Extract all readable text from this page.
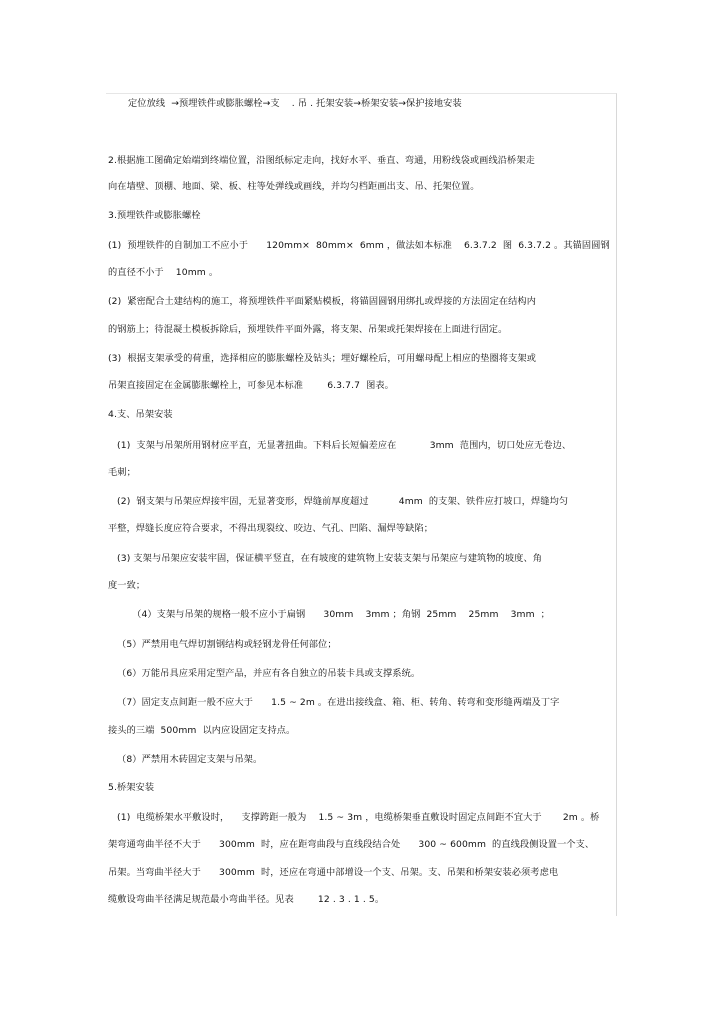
定位放线  →预埋铁件或膨胀螺栓→支    . 吊 . 托架安装→桥架安装→保护接地安装
2.根据施工图确定始端到终端位置，沿图纸标定走向，找好水平、垂直、弯通，用粉线袋或画线沿桥架走
向在墙壁、顶棚、地面、梁、板、柱等处弹线或画线，并均匀档距画出支、吊、托架位置。
3.预埋铁件或膨胀螺栓
(1)  预埋铁件的自制加工不应小于      120mm×  80mm×  6mm ，做法如本标准    6.3.7.2  图  6.3.7.2 。其锚固圆钢
的直径不小于    10mm 。
(2)  紧密配合土建结构的施工，将预埋铁件平面紧贴模板，将锚固圆钢用绑扎或焊接的方法固定在结构内
的钢筋上；待混凝土模板拆除后，预埋铁件平面外露，将支架、吊架或托架焊接在上面进行固定。
(3)  根据支架承受的荷重，选择相应的膨胀螺栓及钻头；埋好螺栓后，可用螺母配上相应的垫圈将支架或
吊架直接固定在金属膨胀螺栓上，可参见本标准        6.3.7.7  图表。
4.支、吊架安装
(1)  支架与吊架所用钢材应平直，无显著扭曲。下料后长短偏差应在           3mm  范围内，切口处应无卷边、
毛刺；
(2)  钢支架与吊架应焊接牢固，无显著变形，焊缝前厚度超过          4mm  的支架、铁件应打坡口，焊缝均匀
平整，焊缝长度应符合要求，不得出现裂纹、咬边、气孔、凹陷、漏焊等缺陷；
(3) 支架与吊架应安装牢固，保证横平竖直，在有坡度的建筑物上安装支架与吊架应与建筑物的坡度、角
度一致；
（4）支架与吊架的规格一般不应小于扁钢      30mm    3mm ；角钢  25mm    25mm    3mm  ；
（5）严禁用电气焊切割钢结构或轻钢龙骨任何部位；
（6）万能吊具应采用定型产品，并应有各自独立的吊装卡具或支撑系统。
（7）固定支点间距一般不应大于      1.5 ~ 2m 。在进出接线盒、箱、柜、转角、转弯和变形缝两端及丁字
接头的三端  500mm  以内应设固定支持点。
（8）严禁用木砖固定支架与吊架。
5.桥架安装
(1)  电缆桥架水平敷设时，    支撑跨距一般为    1.5 ~ 3m ，电缆桥架垂直敷设时固定点间距不宜大于       2m 。桥
架弯通弯曲半径不大于      300mm  时，应在距弯曲段与直线段结合处      300 ~ 600mm  的直线段侧设置一个支、
吊架。当弯曲半径大于      300mm  时，还应在弯通中部增设一个支、吊架。支、吊架和桥架安装必须考虑电
缆敷设弯曲半径满足规范最小弯曲半径。见表        12 . 3 . 1 . 5。
